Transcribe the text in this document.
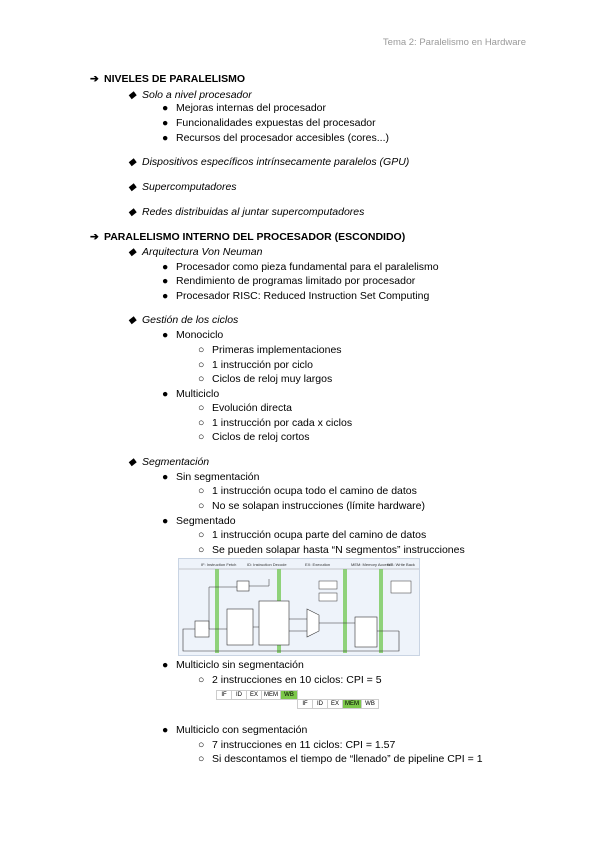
Tema 2: Paralelismo en Hardware
➔ NIVELES DE PARALELISMO
◆ Solo a nivel procesador
● Mejoras internas del procesador
● Funcionalidades expuestas del procesador
● Recursos del procesador accesibles (cores...)
◆ Dispositivos específicos intrínsecamente paralelos (GPU)
◆ Supercomputadores
◆ Redes distribuidas al juntar supercomputadores
➔ PARALELISMO INTERNO DEL PROCESADOR (ESCONDIDO)
◆ Arquitectura Von Neuman
● Procesador como pieza fundamental para el paralelismo
● Rendimiento de programas limitado por procesador
● Procesador RISC: Reduced Instruction Set Computing
◆ Gestión de los ciclos
● Monociclo
○ Primeras implementaciones
○ 1 instrucción por ciclo
○ Ciclos de reloj muy largos
● Multiciclo
○ Evolución directa
○ 1 instrucción por cada x ciclos
○ Ciclos de reloj cortos
◆ Segmentación
● Sin segmentación
○ 1 instrucción ocupa todo el camino de datos
○ No se solapan instrucciones (límite hardware)
● Segmentado
○ 1 instrucción ocupa parte del camino de datos
○ Se pueden solapar hasta “N segmentos” instrucciones
IF: Instruction Fetch	ID: Instruction Decode	EX: Execution	MEM: Memory Access
WB: Write Back
● Multiciclo sin segmentación
○ 2 instrucciones en 10 ciclos: CPI = 5
IF	ID	EX	MEM	WB
IF	ID	EX	MEM	WB
● Multiciclo con segmentación
○ 7 instrucciones en 11 ciclos: CPI = 1.57
○ Si descontamos el tiempo de “llenado” de pipeline CPI = 1
